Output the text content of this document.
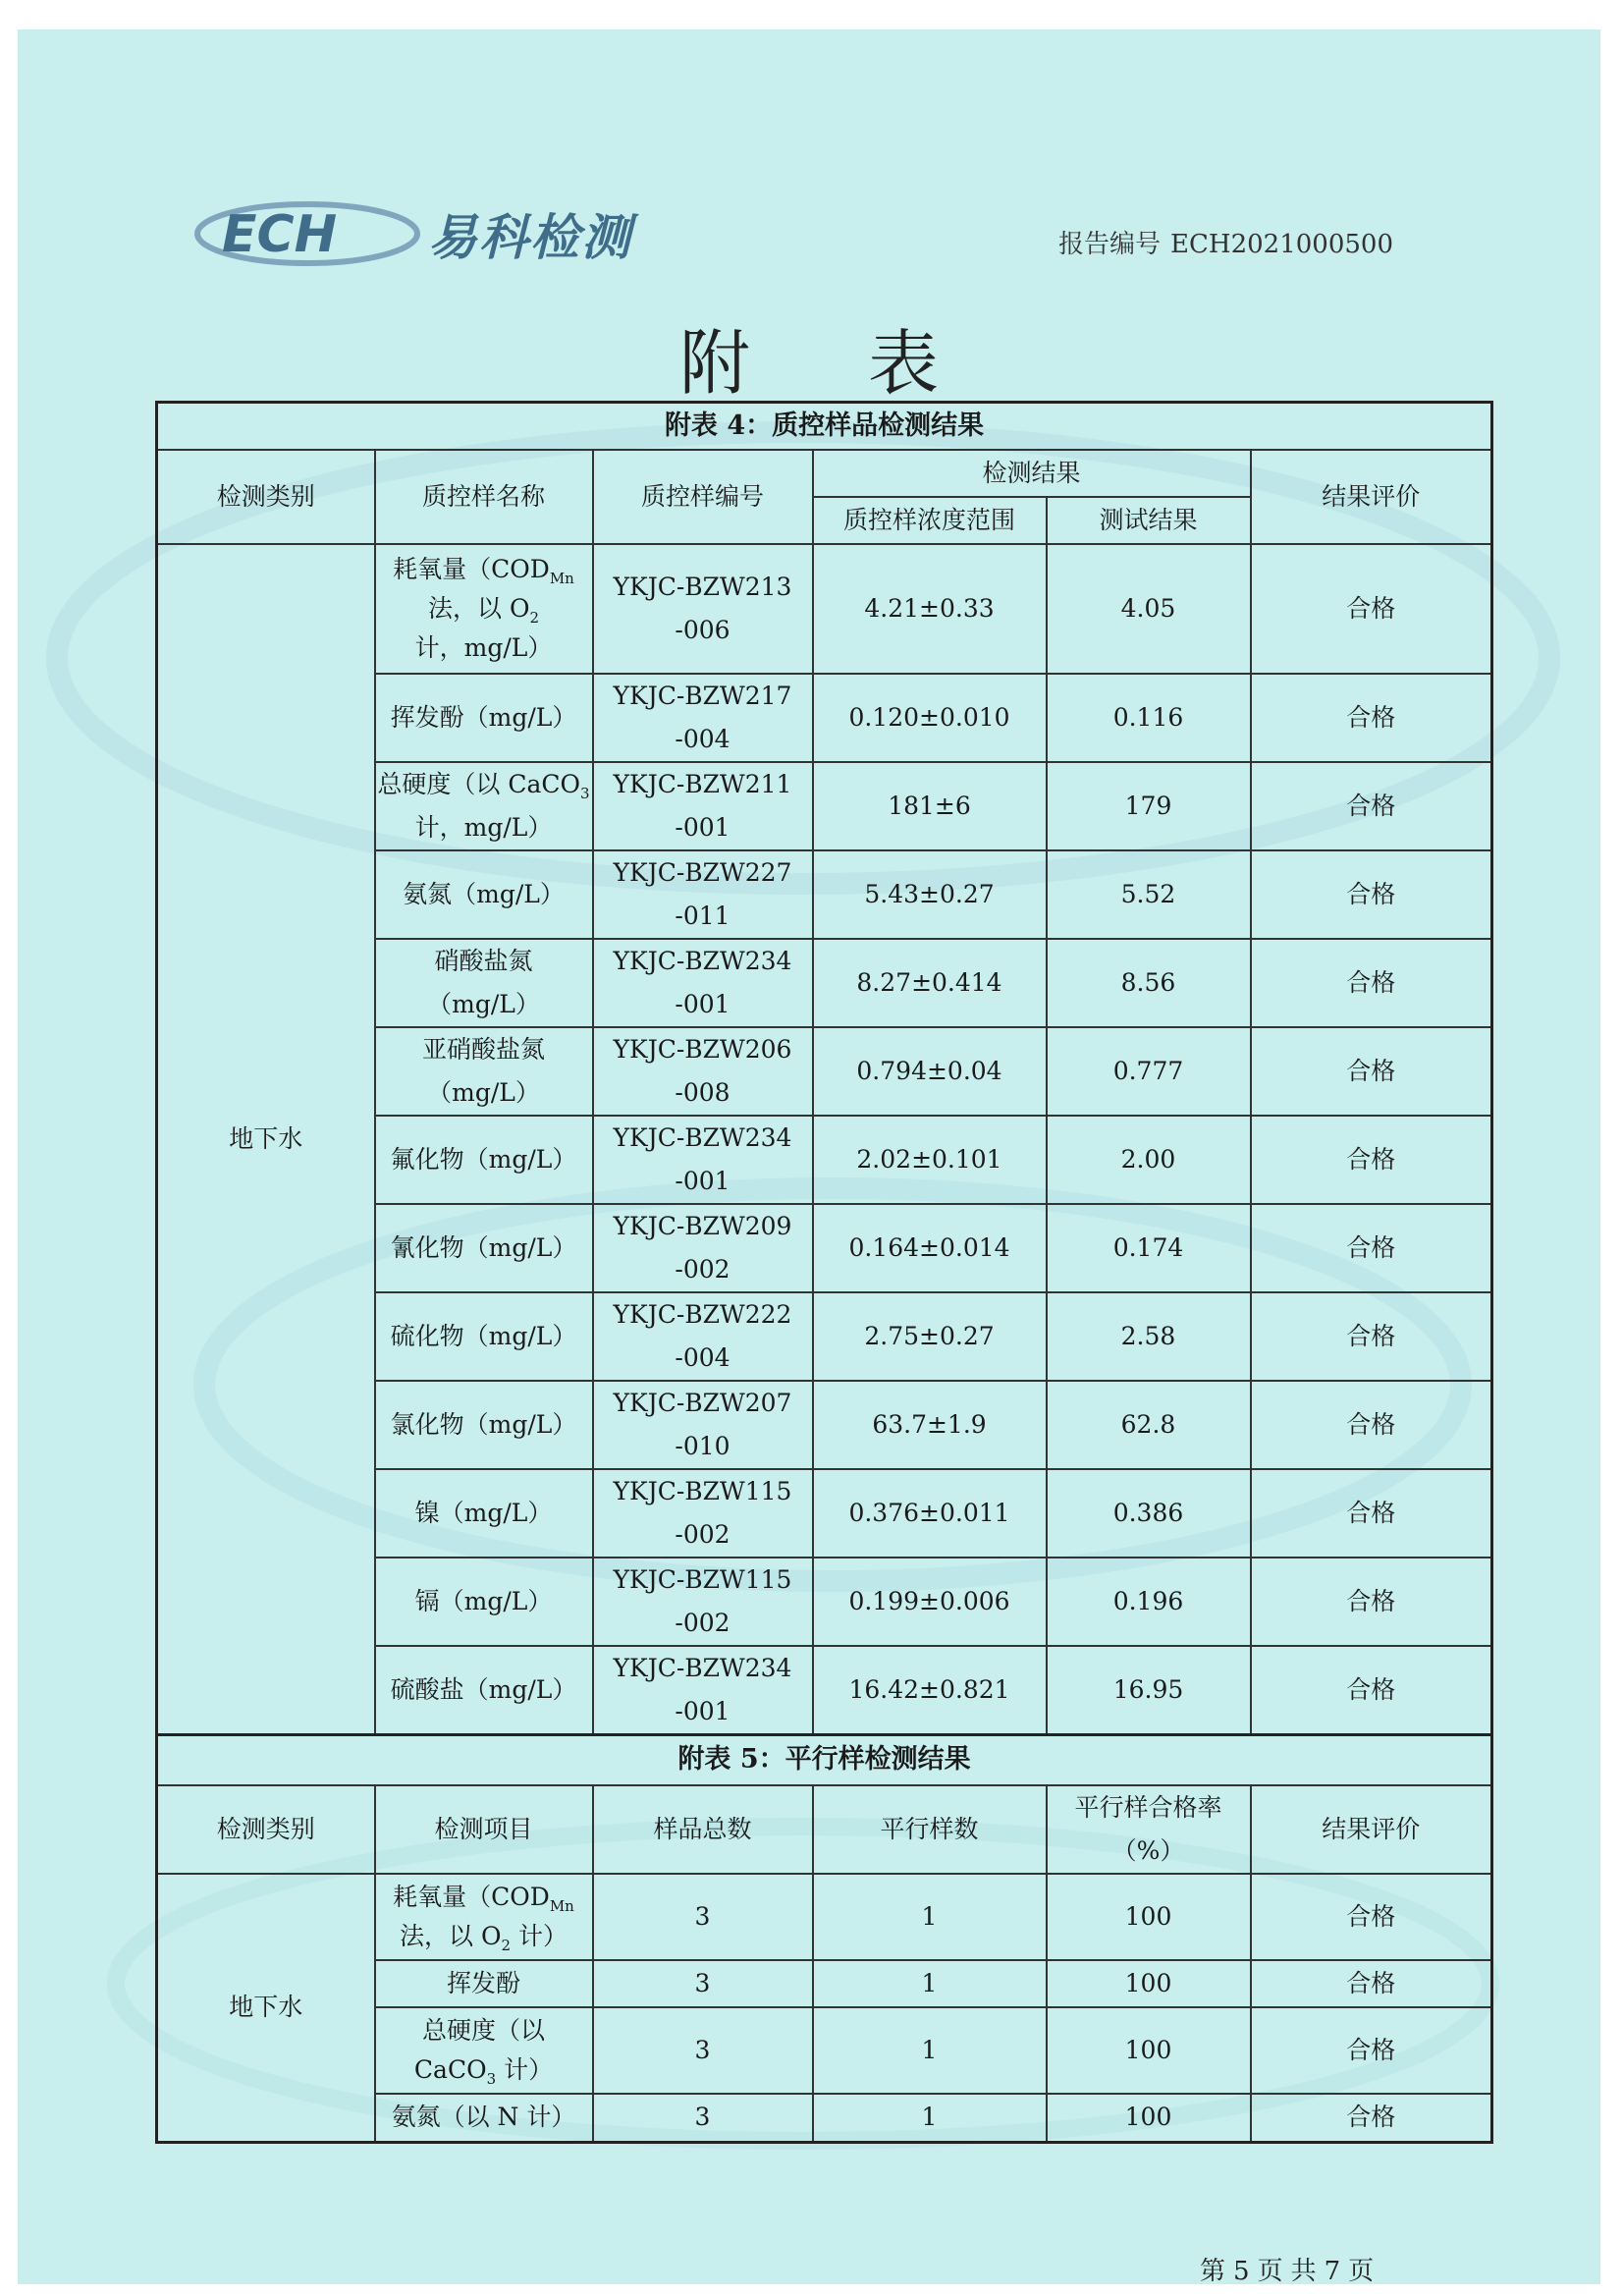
ECH 易科检测	报告编号 ECH2021000500
附表
附表 4：质控样品检测结果					
检测类别	质控样名称	质控样编号	检测结果		结果评价
			质控样浓度范围	测试结果	
地下水	耗氧量（$COD_{Mn}$
法，以 $O_2$
计，mg/L）	YKJC-BZW213
-006	4.21±0.33	4.05	合格
	挥发酚（mg/L）	YKJC-BZW217
-004	0.120±0.010	0.116	合格
	总硬度（以 CaCO$_3$ 计，mg/L）	YKJC-BZW211
-001	181±6	179	合格
	氨氮（mg/L）	YKJC-BZW227
-011	5.43±0.27	5.52	合格
	硝酸盐氮（mg/L）	YKJC-BZW234
-001	8.27±0.414	8.56	合格
	亚硝酸盐氮（mg/L）	YKJC-BZW206
-008	0.794±0.04	0.777	合格
	氟化物（mg/L）	YKJC-BZW234
-001	2.02±0.101	2.00	合格
	氰化物（mg/L）	YKJC-BZW209
-002	0.164±0.014	0.174	合格
	硫化物（mg/L）	YKJC-BZW222
-004	2.75±0.27	2.58	合格
	氯化物（mg/L）	YKJC-BZW207
-010	63.7±1.9	62.8	合格
	镍（mg/L）	YKJC-BZW115
-002	0.376±0.011	0.386	合格
	镉（mg/L）	YKJC-BZW115
-002	0.199±0.006	0.196	合格
	硫酸盐（mg/L）	YKJC-BZW234
-001	16.42±0.821	16.95	合格
附表 5：平行样检测结果					
检测类别	检测项目	样品总数	平行样数	平行样合格率（%）	结果评价
地下水	耗氧量（$COD_{Mn}$
法，以 $O_2$ 计）	3	1	100	合格
	挥发酚	3	1	100	合格
	总硬度（以 CaCO$_3$ 计）	3	1	100	合格
	氨氮（以 N 计）	3	1	100	合格
第 5 页 共 7 页
